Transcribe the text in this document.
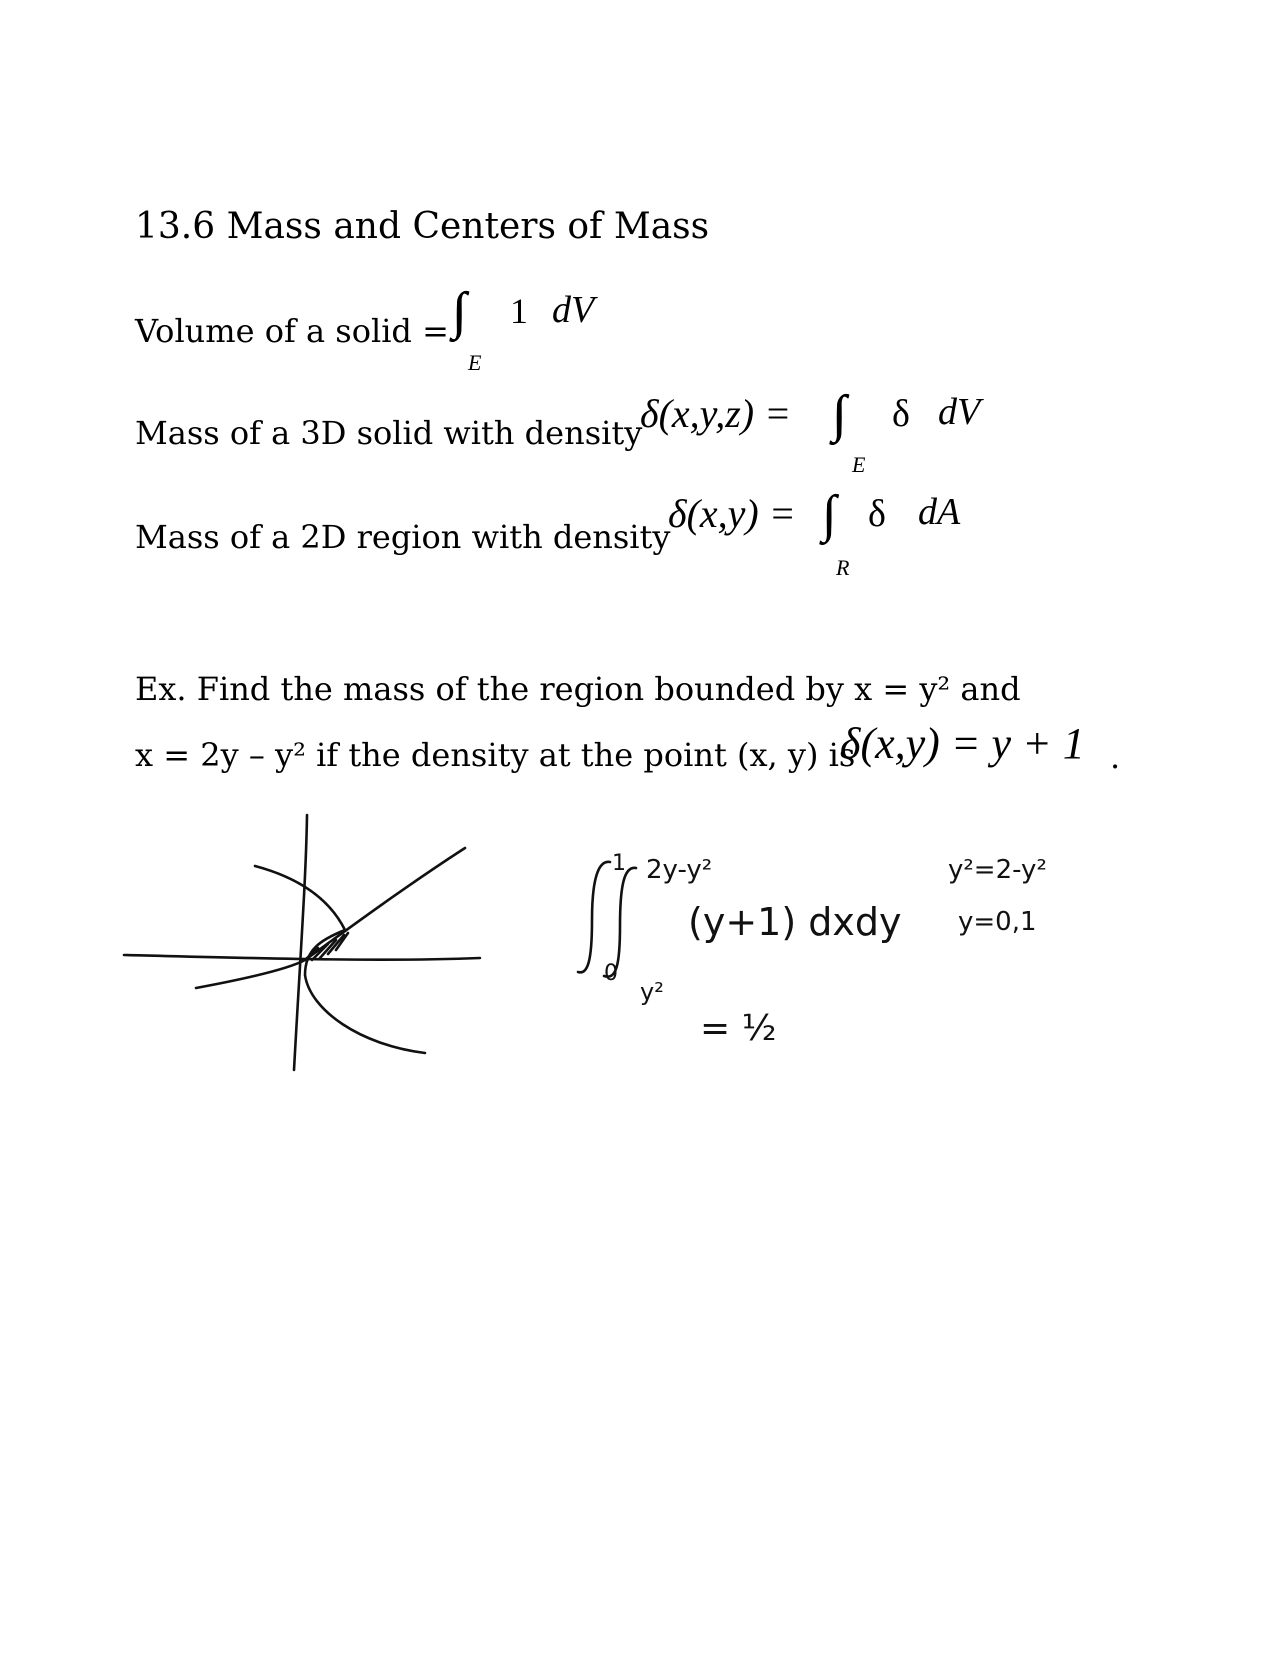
13.6 Mass and Centers of Mass
Volume of a solid = ∫∫∫ 1 dV
E
Mass of a 3D solid with density
δ(x,y,z) = ∫∫∫ δ dV
E
Mass of a 2D region with density
δ(x,y) = ∫∫ δ dA
R
Ex. Find the mass of the region bounded by x = y² and
x = 2y – y² if the density at the point (x, y) is
δ(x,y) = y + 1 .
1
0
2y-y²
y²
(y+1) dxdy
= ½
y²=2-y²
y=0,1
